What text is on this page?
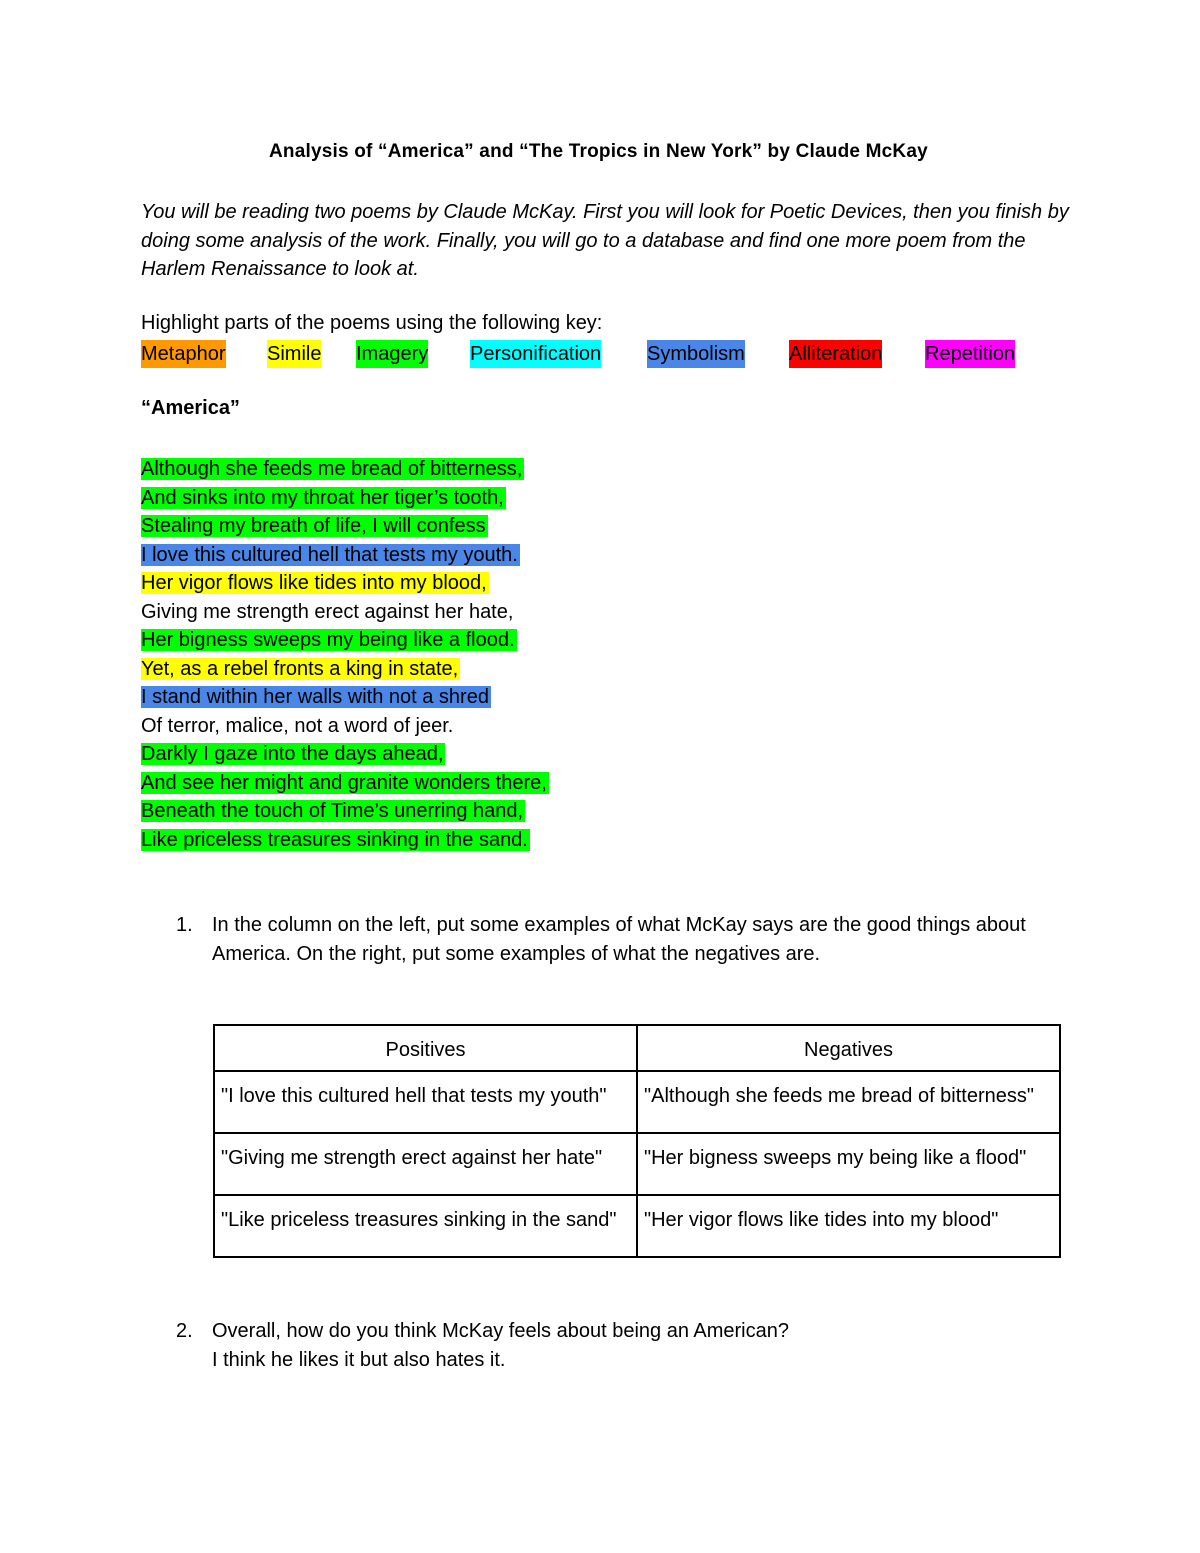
Analysis of “America” and “The Tropics in New York” by Claude McKay
You will be reading two poems by Claude McKay. First you will look for Poetic Devices, then you finish by doing some analysis of the work. Finally, you will go to a database and find one more poem from the Harlem Renaissance to look at.
Highlight parts of the poems using the following key:
Metaphor Simile Imagery Personification Symbolism Alliteration Repetition
“America”
Although she feeds me bread of bitterness,
And sinks into my throat her tiger’s tooth,
Stealing my breath of life, I will confess
I love this cultured hell that tests my youth.
Her vigor flows like tides into my blood,
Giving me strength erect against her hate,
Her bigness sweeps my being like a flood.
Yet, as a rebel fronts a king in state,
I stand within her walls with not a shred
Of terror, malice, not a word of jeer.
Darkly I gaze into the days ahead,
And see her might and granite wonders there,
Beneath the touch of Time’s unerring hand,
Like priceless treasures sinking in the sand.
1. In the column on the left, put some examples of what McKay says are the good things about America. On the right, put some examples of what the negatives are.
Positives	Negatives
"I love this cultured hell that tests my youth"	"Although she feeds me bread of bitterness"
"Giving me strength erect against her hate"	"Her bigness sweeps my being like a flood"
"Like priceless treasures sinking in the sand"	"Her vigor flows like tides into my blood"
2. Overall, how do you think McKay feels about being an American?
I think he likes it but also hates it.
